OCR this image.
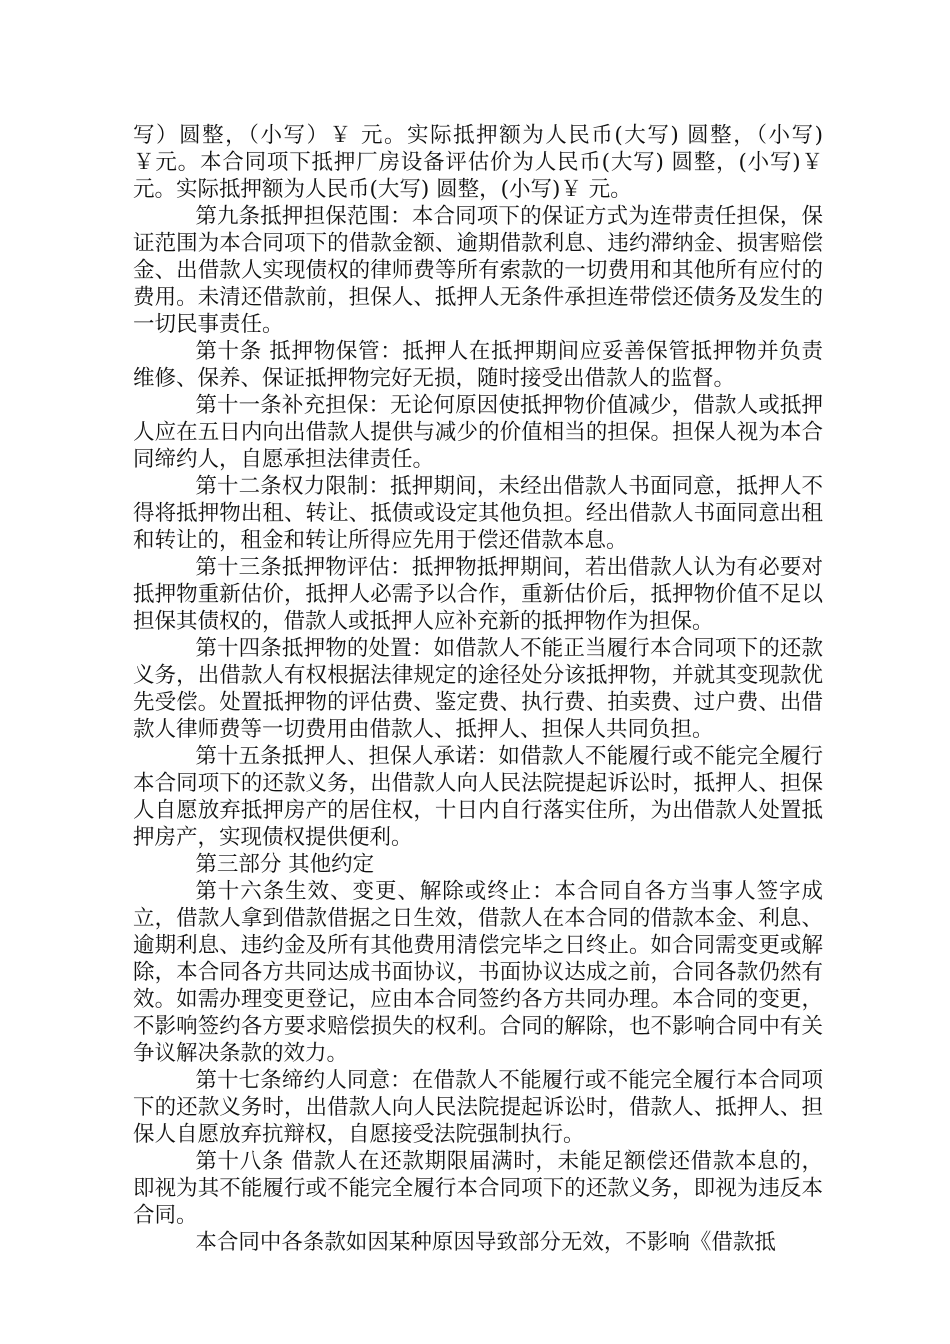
写）圆整，（小写）￥ 元。实际抵押额为人民币(大写) 圆整，（小写)￥元。本合同项下抵押厂房设备评估价为人民币(大写) 圆整，(小写)￥ 元。实际抵押额为人民币(大写) 圆整，(小写)￥ 元。

第九条抵押担保范围：本合同项下的保证方式为连带责任担保，保证范围为本合同项下的借款金额、逾期借款利息、违约滞纳金、损害赔偿金、出借款人实现债权的律师费等所有索款的一切费用和其他所有应付的费用。未清还借款前，担保人、抵押人无条件承担连带偿还债务及发生的一切民事责任。

第十条 抵押物保管：抵押人在抵押期间应妥善保管抵押物并负责维修、保养、保证抵押物完好无损，随时接受出借款人的监督。

第十一条补充担保：无论何原因使抵押物价值减少，借款人或抵押人应在五日内向出借款人提供与减少的价值相当的担保。担保人视为本合同缔约人，自愿承担法律责任。

第十二条权力限制：抵押期间，未经出借款人书面同意，抵押人不得将抵押物出租、转让、抵债或设定其他负担。经出借款人书面同意出租和转让的，租金和转让所得应先用于偿还借款本息。

第十三条抵押物评估：抵押物抵押期间，若出借款人认为有必要对抵押物重新估价，抵押人必需予以合作，重新估价后，抵押物价值不足以担保其债权的，借款人或抵押人应补充新的抵押物作为担保。

第十四条抵押物的处置：如借款人不能正当履行本合同项下的还款义务，出借款人有权根据法律规定的途径处分该抵押物，并就其变现款优先受偿。处置抵押物的评估费、鉴定费、执行费、拍卖费、过户费、出借款人律师费等一切费用由借款人、抵押人、担保人共同负担。

第十五条抵押人、担保人承诺：如借款人不能履行或不能完全履行本合同项下的还款义务，出借款人向人民法院提起诉讼时，抵押人、担保人自愿放弃抵押房产的居住权，十日内自行落实住所，为出借款人处置抵押房产，实现债权提供便利。

第三部分 其他约定

第十六条生效、变更、解除或终止：本合同自各方当事人签字成立，借款人拿到借款借据之日生效，借款人在本合同的借款本金、利息、逾期利息、违约金及所有其他费用清偿完毕之日终止。如合同需变更或解除，本合同各方共同达成书面协议，书面协议达成之前，合同各款仍然有效。如需办理变更登记，应由本合同签约各方共同办理。本合同的变更，不影响签约各方要求赔偿损失的权利。合同的解除，也不影响合同中有关争议解决条款的效力。

第十七条缔约人同意：在借款人不能履行或不能完全履行本合同项下的还款义务时，出借款人向人民法院提起诉讼时，借款人、抵押人、担保人自愿放弃抗辩权，自愿接受法院强制执行。

第十八条 借款人在还款期限届满时，未能足额偿还借款本息的，即视为其不能履行或不能完全履行本合同项下的还款义务，即视为违反本合同。

本合同中各条款如因某种原因导致部分无效，不影响《借款抵
